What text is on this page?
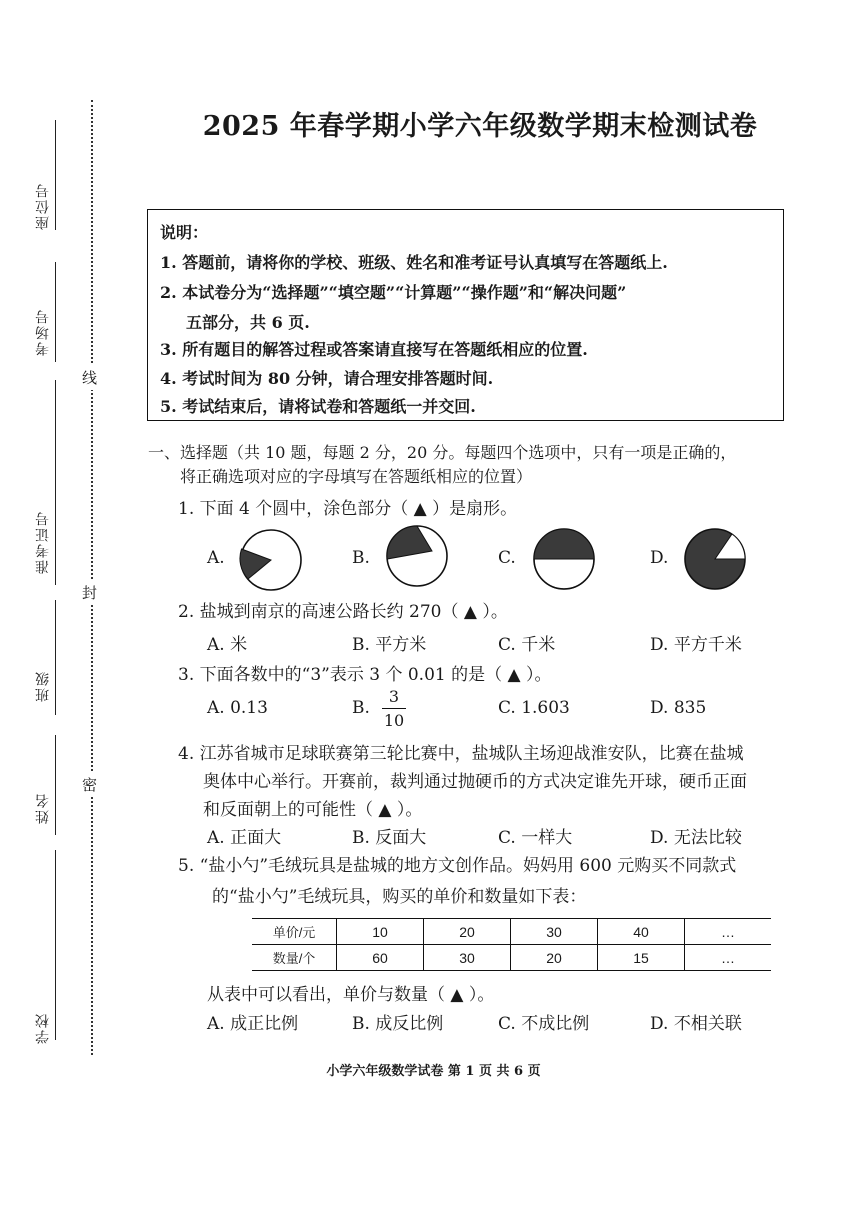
座位号
考场号
准考证号
班级
姓名
学校
线
封
密
2025 年春学期小学六年级数学期末检测试卷
说明：
1. 答题前，请将你的学校、班级、姓名和准考证号认真填写在答题纸上.
2. 本试卷分为“选择题”“填空题”“计算题”“操作题”和“解决问题”
五部分，共 6 页.
3. 所有题目的解答过程或答案请直接写在答题纸相应的位置.
4. 考试时间为 80 分钟，请合理安排答题时间.
5. 考试结束后，请将试卷和答题纸一并交回.
一、选择题（共 10 题，每题 2 分，20 分。每题四个选项中，只有一项是正确的，
将正确选项对应的字母填写在答题纸相应的位置）
1. 下面 4 个圆中，涂色部分（ ▲ ）是扇形。
A.	B.	C.	D.
2. 盐城到南京的高速公路长约 270（ ▲ ）。
A. 米	B. 平方米	C. 千米	D. 平方千米
3. 下面各数中的“3”表示 3 个 0.01 的是（ ▲ ）。
A. 0.13	B.
3
10
C. 1.603	D. 835
4. 江苏省城市足球联赛第三轮比赛中，盐城队主场迎战淮安队，比赛在盐城
奥体中心举行。开赛前，裁判通过抛硬币的方式决定谁先开球，硬币正面
和反面朝上的可能性（ ▲ ）。
A. 正面大	B. 反面大	C. 一样大	D. 无法比较
5. “盐小勺”毛绒玩具是盐城的地方文创作品。妈妈用 600 元购买不同款式
的“盐小勺”毛绒玩具，购买的单价和数量如下表：
单价/元	10	20	30	40	…
数量/个	60	30	20	15	…
从表中可以看出，单价与数量（ ▲ ）。
A. 成正比例	B. 成反比例	C. 不成比例	D. 不相关联
小学六年级数学试卷 第 1 页 共 6 页
